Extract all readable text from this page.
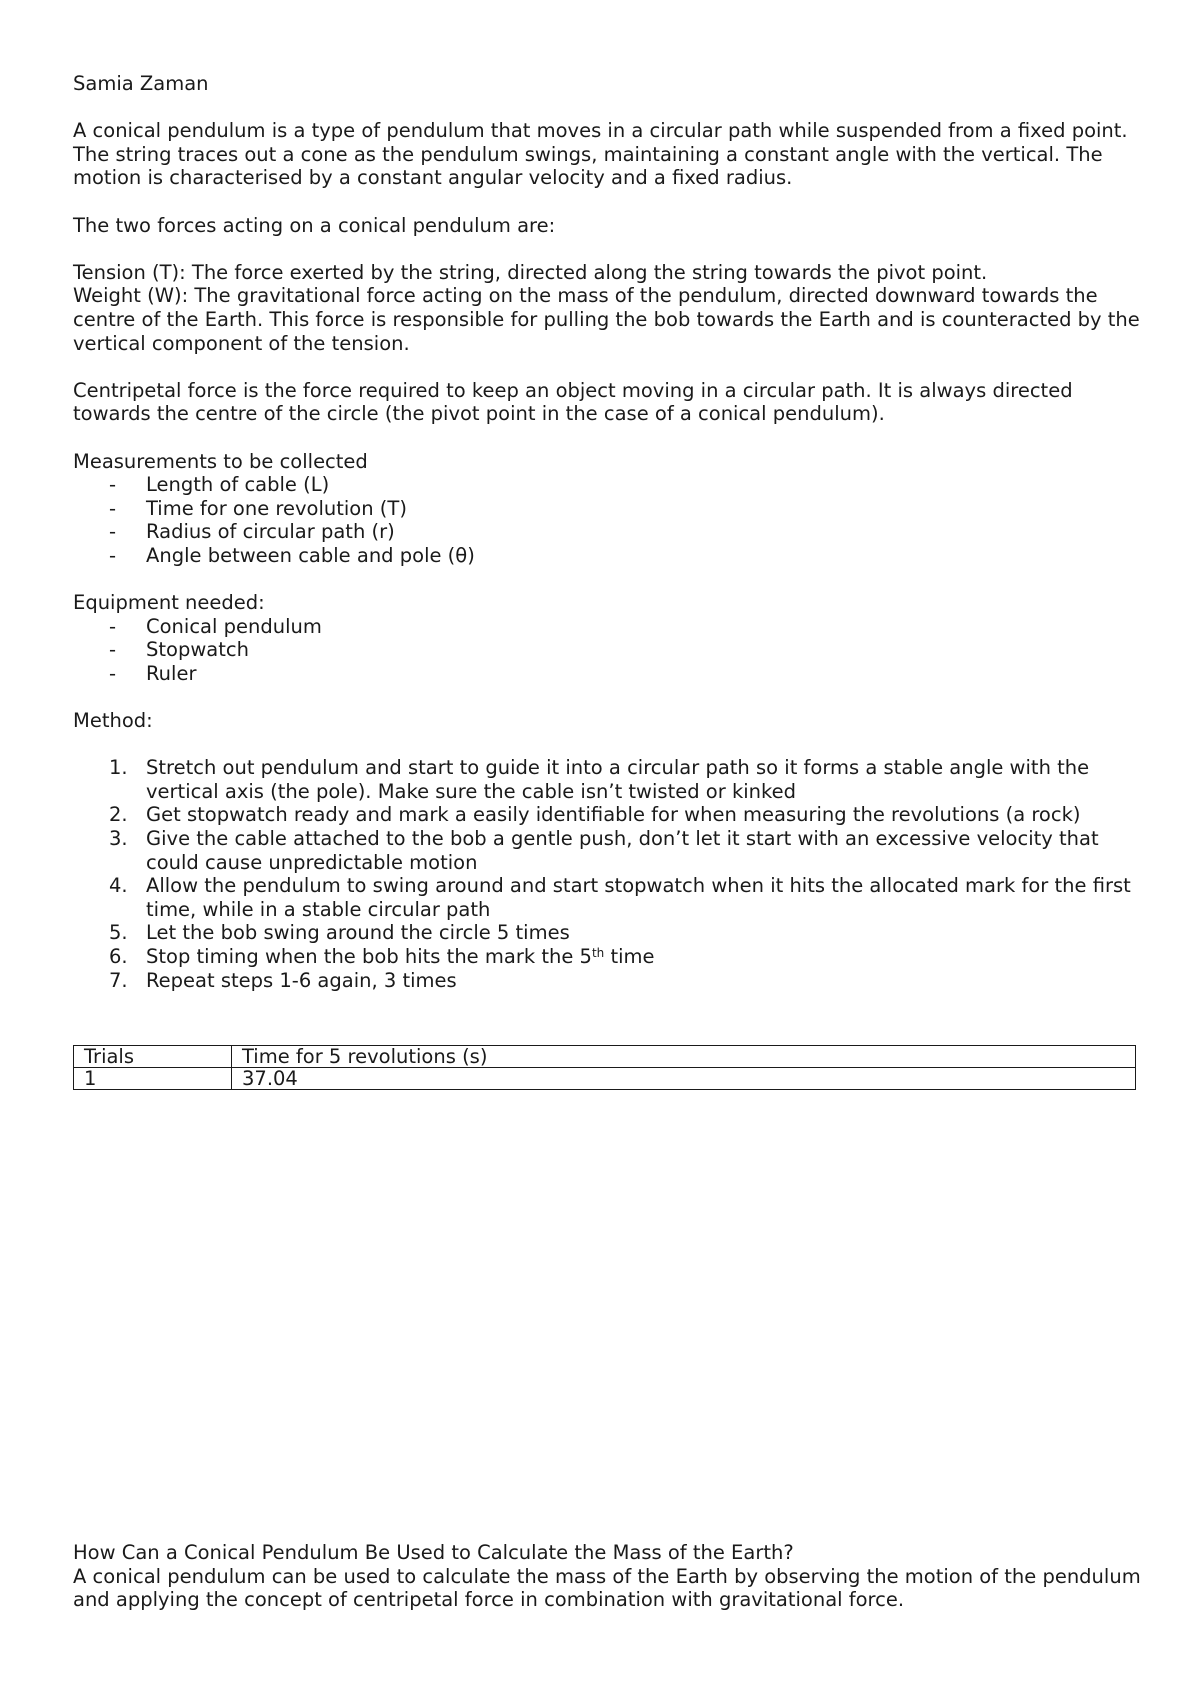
Samia Zaman

A conical pendulum is a type of pendulum that moves in a circular path while suspended from a fixed point. The string traces out a cone as the pendulum swings, maintaining a constant angle with the vertical. The motion is characterised by a constant angular velocity and a fixed radius.

The two forces acting on a conical pendulum are:

Tension (T): The force exerted by the string, directed along the string towards the pivot point.

Weight (W): The gravitational force acting on the mass of the pendulum, directed downward towards the centre of the Earth. This force is responsible for pulling the bob towards the Earth and is counteracted by the vertical component of the tension.

Centripetal force is the force required to keep an object moving in a circular path. It is always directed towards the centre of the circle (the pivot point in the case of a conical pendulum).

Measurements to be collected

- Length of cable (L)
- Time for one revolution (T)
- Radius of circular path (r)
- Angle between cable and pole (θ)

Equipment needed:

- Conical pendulum
- Stopwatch
- Ruler

Method:

1. Stretch out pendulum and start to guide it into a circular path so it forms a stable angle with the vertical axis (the pole). Make sure the cable isn’t twisted or kinked
2. Get stopwatch ready and mark a easily identifiable for when measuring the revolutions (a rock)
3. Give the cable attached to the bob a gentle push, don’t let it start with an excessive velocity that could cause unpredictable motion
4. Allow the pendulum to swing around and start stopwatch when it hits the allocated mark for the first time, while in a stable circular path
5. Let the bob swing around the circle 5 times
6. Stop timing when the bob hits the mark the 5th time
7. Repeat steps 1-6 again, 3 times
Trials	Time for 5 revolutions (s)
1	37.04

How Can a Conical Pendulum Be Used to Calculate the Mass of the Earth?

A conical pendulum can be used to calculate the mass of the Earth by observing the motion of the pendulum and applying the concept of centripetal force in combination with gravitational force.
